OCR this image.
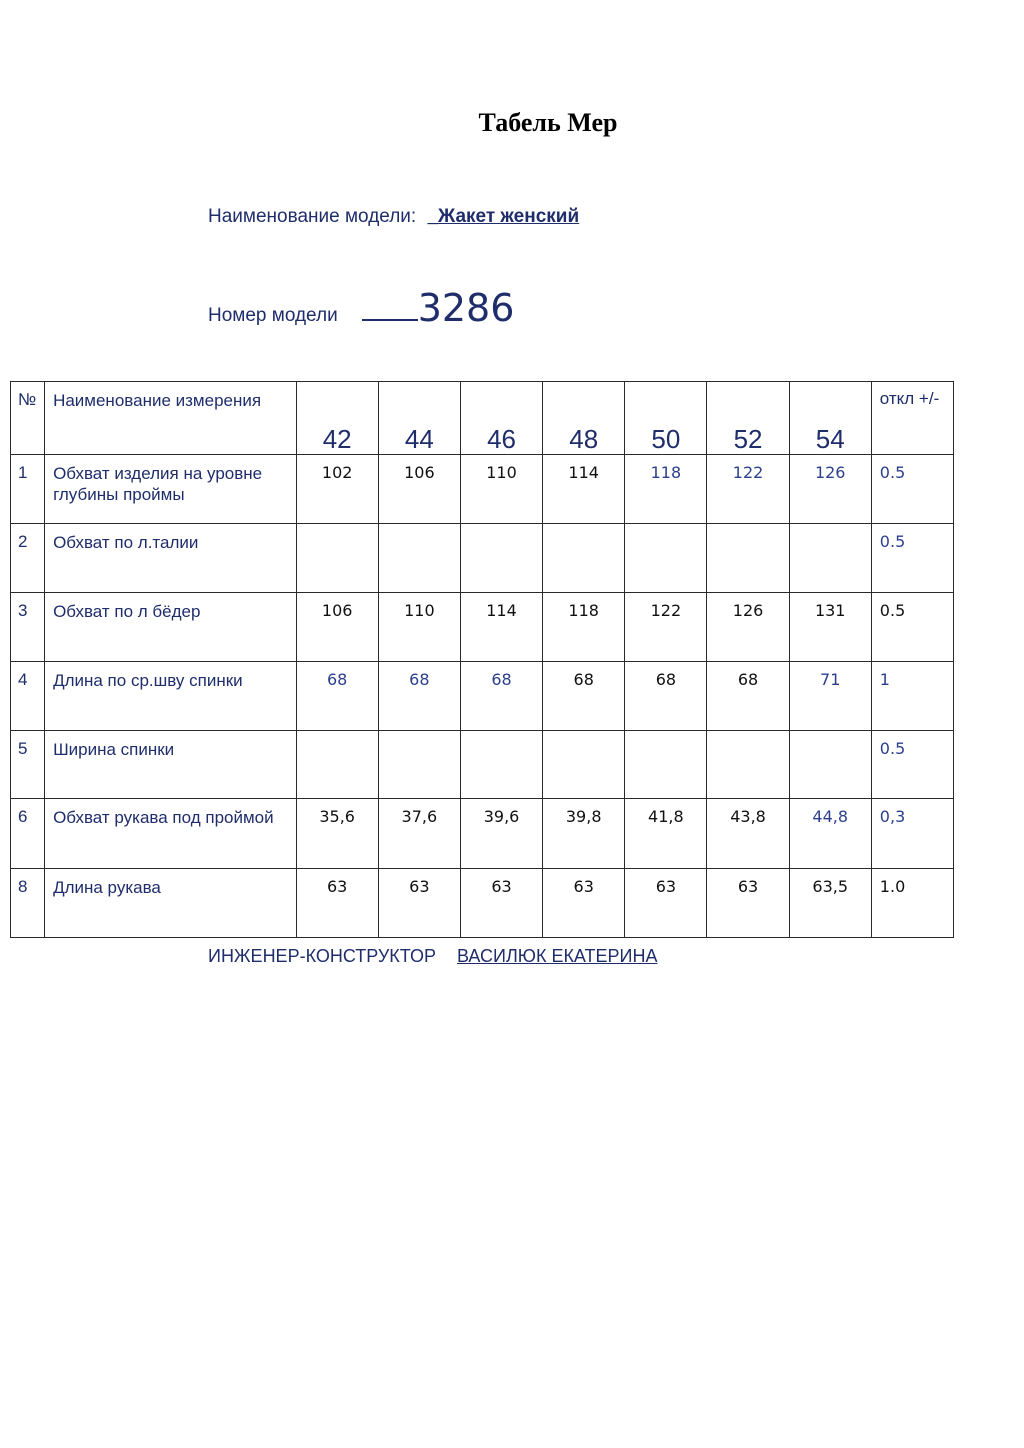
Табель Мер
Наименование модели: _Жакет женский
Номер модели 3286
№	Наименование измерения	42	44	46	48	50	52	54	откл +/-
1	Обхват изделия на уровне глубины проймы	102	106	110	114	118	122	126	0.5
2	Обхват по л.талии								0.5
3	Обхват по л бёдер	106	110	114	118	122	126	131	0.5
4	Длина по ср.шву спинки	68	68	68	68	68	68	71	1
5	Ширина спинки								0.5
6	Обхват рукава под проймой	35,6	37,6	39,6	39,8	41,8	43,8	44,8	0,3
8	Длина рукава	63	63	63	63	63	63	63,5	1.0
ИНЖЕНЕР-КОНСТРУКТОР ВАСИЛЮК ЕКАТЕРИНА
